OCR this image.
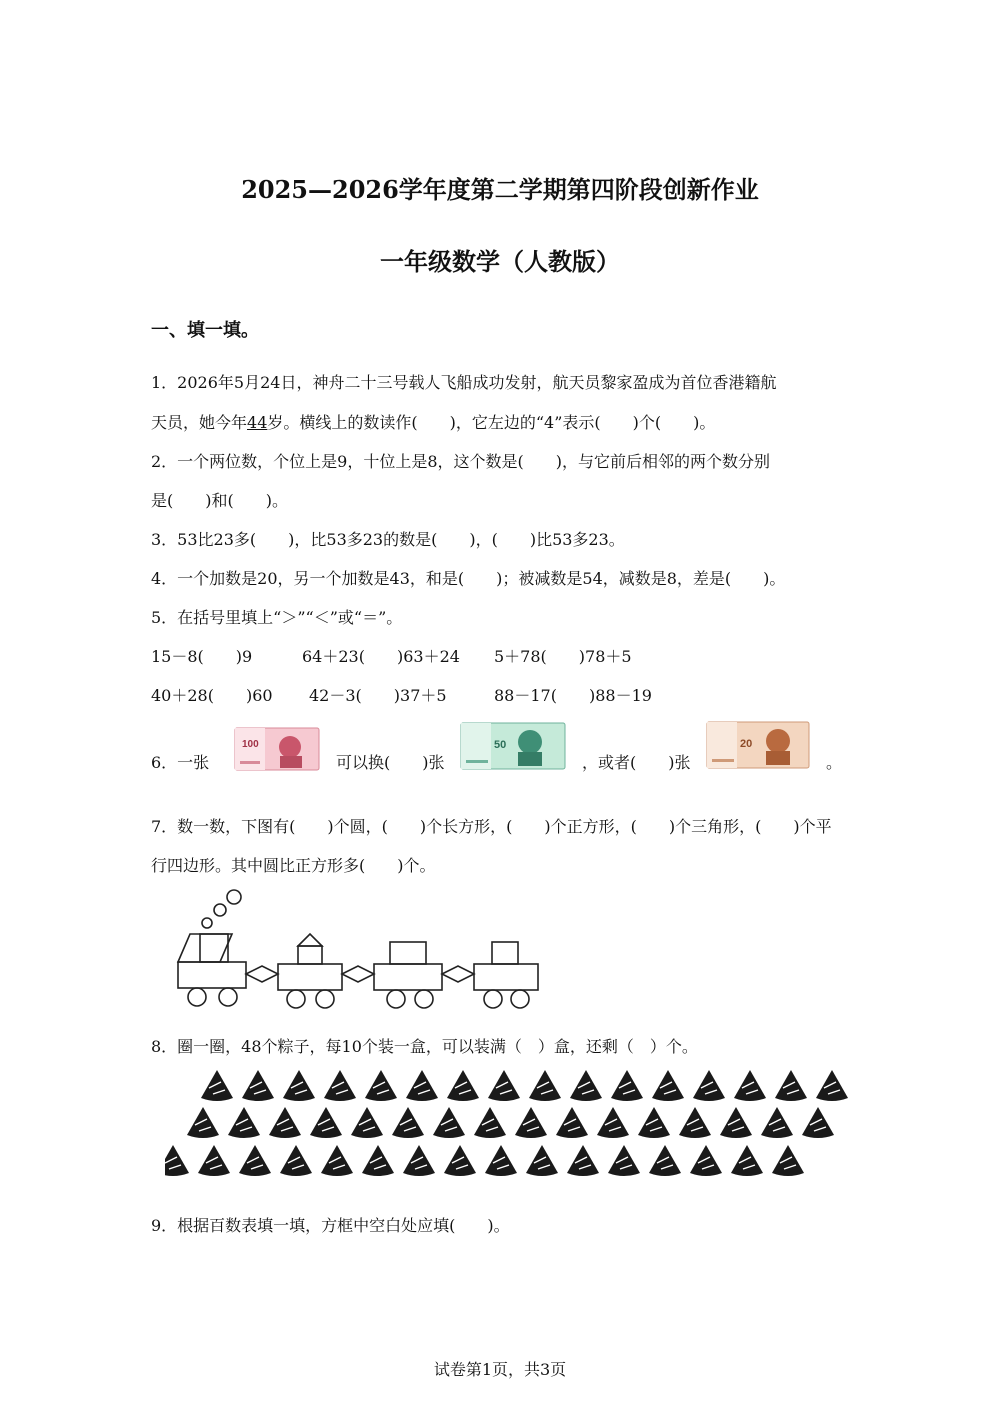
2025—2026学年度第二学期第四阶段创新作业
一年级数学（人教版）
一、填一填。
1．2026年5月24日，神舟二十三号载人飞船成功发射，航天员黎家盈成为首位香港籍航
天员，她今年44岁。横线上的数读作(　　)，它左边的“4”表示(　　)个(　　)。
2．一个两位数，个位上是9，十位上是8，这个数是(　　)，与它前后相邻的两个数分别
是(　　)和(　　)。
3．53比23多(　　)，比53多23的数是(　　)，(　　)比53多23。
4．一个加数是20，另一个加数是43，和是(　　)；被减数是54，减数是8，差是(　　)。
5．在括号里填上“＞”“＜”或“＝”。
15－8(　　)9	64＋23(　　)63＋24 5＋78(　　)78＋5
40＋28(　　)60 42－3(　　)37＋5	88－17(　　)88－19
6．一张
100
可以换(　　)张
50
，或者(　　)张
20
。
7．数一数，下图有(　　)个圆，(　　)个长方形，(　　)个正方形，(　　)个三角形，(　　)个平
行四边形。其中圆比正方形多(　　)个。
8．圈一圈，48个粽子，每10个装一盒，可以装满（　）盒，还剩（　）个。
9．根据百数表填一填，方框中空白处应填(　　)。
试卷第1页，共3页
